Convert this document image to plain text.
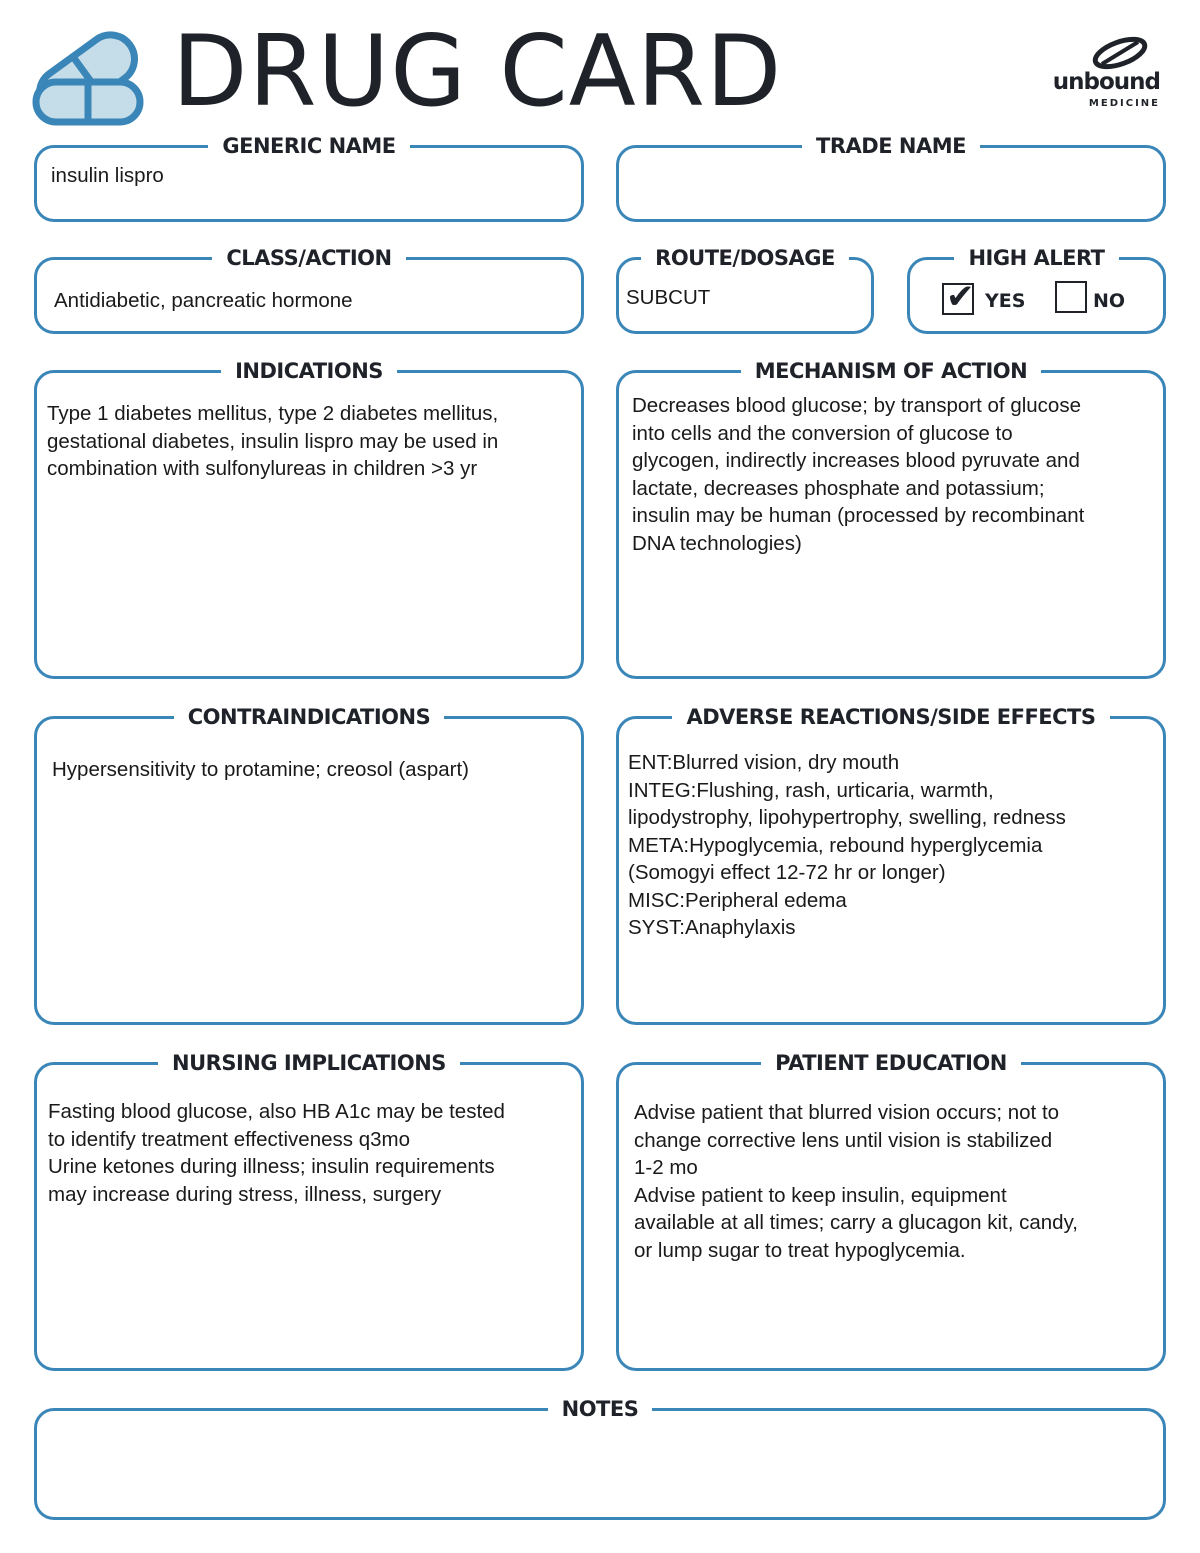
DRUG CARD	unbound
MEDICINE
GENERIC NAME
insulin lispro
TRADE NAME
CLASS/ACTION
Antidiabetic, pancreatic hormone
ROUTE/DOSAGE
SUBCUT
HIGH ALERT
✔ YES	NO
INDICATIONS
Type 1 diabetes mellitus, type 2 diabetes mellitus,
gestational diabetes, insulin lispro may be used in
combination with sulfonylureas in children >3 yr
MECHANISM OF ACTION
Decreases blood glucose; by transport of glucose
into cells and the conversion of glucose to
glycogen, indirectly increases blood pyruvate and
lactate, decreases phosphate and potassium;
insulin may be human (processed by recombinant
DNA technologies)
CONTRAINDICATIONS
Hypersensitivity to protamine; creosol (aspart)
ADVERSE REACTIONS/SIDE EFFECTS
ENT:Blurred vision, dry mouth
INTEG:Flushing, rash, urticaria, warmth,
lipodystrophy, lipohypertrophy, swelling, redness
META:Hypoglycemia, rebound hyperglycemia
(Somogyi effect 12-72 hr or longer)
MISC:Peripheral edema
SYST:Anaphylaxis
NURSING IMPLICATIONS
Fasting blood glucose, also HB A1c may be tested
to identify treatment effectiveness q3mo
Urine ketones during illness; insulin requirements
may increase during stress, illness, surgery
PATIENT EDUCATION
Advise patient that blurred vision occurs; not to
change corrective lens until vision is stabilized
1-2 mo
Advise patient to keep insulin, equipment
available at all times; carry a glucagon kit, candy,
or lump sugar to treat hypoglycemia.
NOTES
